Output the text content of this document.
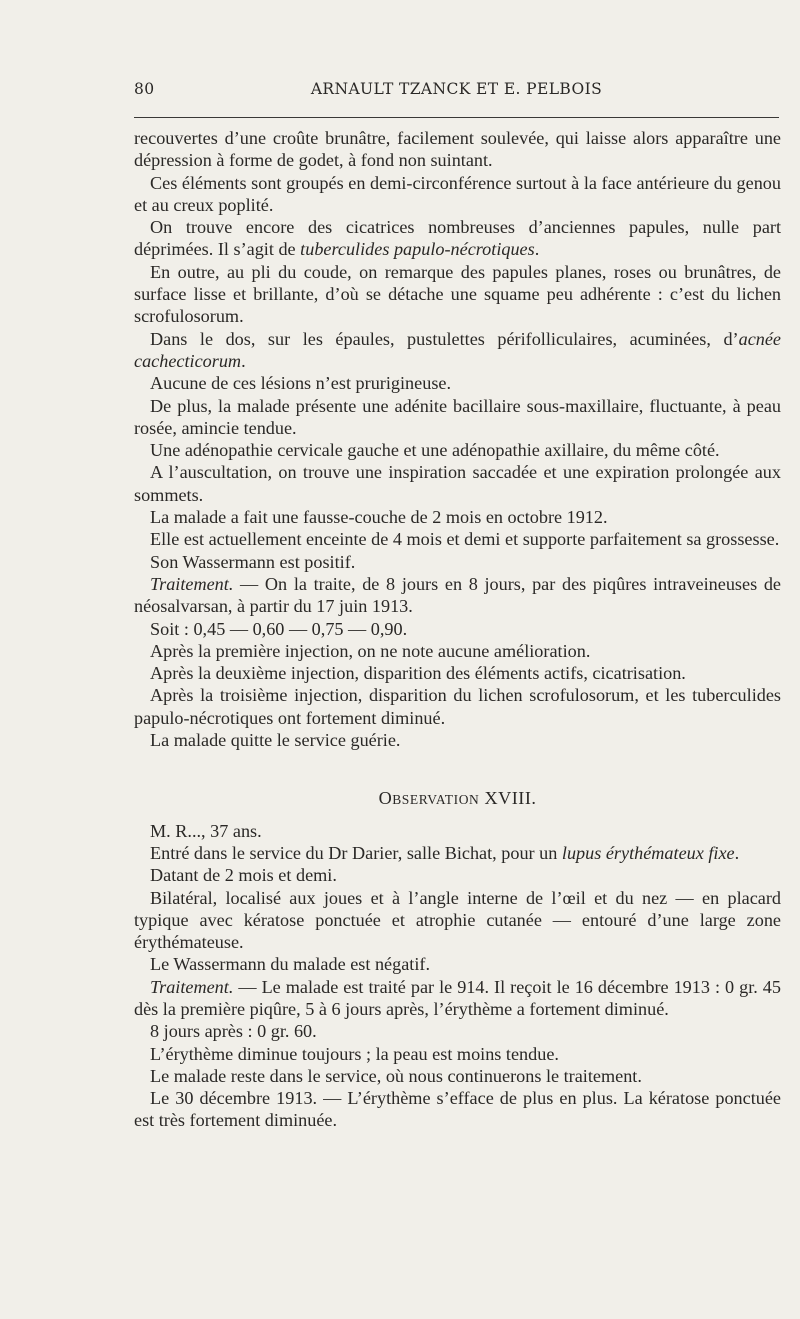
80	ARNAULT TZANCK ET E. PELBOIS

recouvertes d’une croûte brunâtre, facilement soulevée, qui laisse alors apparaître une dépression à forme de godet, à fond non suintant.

Ces éléments sont groupés en demi-circonférence surtout à la face antérieure du genou et au creux poplité.

On trouve encore des cicatrices nombreuses d’anciennes papules, nulle part déprimées. Il s’agit de tuberculides papulo-nécrotiques.

En outre, au pli du coude, on remarque des papules planes, roses ou brunâtres, de surface lisse et brillante, d’où se détache une squame peu adhérente : c’est du lichen scrofulosorum.

Dans le dos, sur les épaules, pustulettes périfolliculaires, acuminées, d’acnée cachecticorum.

Aucune de ces lésions n’est prurigineuse.

De plus, la malade présente une adénite bacillaire sous-maxillaire, fluctuante, à peau rosée, amincie tendue.

Une adénopathie cervicale gauche et une adénopathie axillaire, du même côté.

A l’auscultation, on trouve une inspiration saccadée et une expiration prolongée aux sommets.

La malade a fait une fausse-couche de 2 mois en octobre 1912.

Elle est actuellement enceinte de 4 mois et demi et supporte parfaitement sa grossesse.

Son Wassermann est positif.

Traitement. — On la traite, de 8 jours en 8 jours, par des piqûres intraveineuses de néosalvarsan, à partir du 17 juin 1913.

Soit : 0,45 — 0,60 — 0,75 — 0,90.

Après la première injection, on ne note aucune amélioration.

Après la deuxième injection, disparition des éléments actifs, cicatrisation.

Après la troisième injection, disparition du lichen scrofulosorum, et les tuberculides papulo-nécrotiques ont fortement diminué.

La malade quitte le service guérie.

OBSERVATION XVIII.

M. R..., 37 ans.

Entré dans le service du Dr Darier, salle Bichat, pour un lupus érythémateux fixe.

Datant de 2 mois et demi.

Bilatéral, localisé aux joues et à l’angle interne de l’œil et du nez — en placard typique avec kératose ponctuée et atrophie cutanée — entouré d’une large zone érythémateuse.

Le Wassermann du malade est négatif.

Traitement. — Le malade est traité par le 914. Il reçoit le 16 décembre 1913 : 0 gr. 45 dès la première piqûre, 5 à 6 jours après, l’érythème a fortement diminué.

8 jours après : 0 gr. 60.

L’érythème diminue toujours ; la peau est moins tendue.

Le malade reste dans le service, où nous continuerons le traitement.

Le 30 décembre 1913. — L’érythème s’efface de plus en plus. La kératose ponctuée est très fortement diminuée.
